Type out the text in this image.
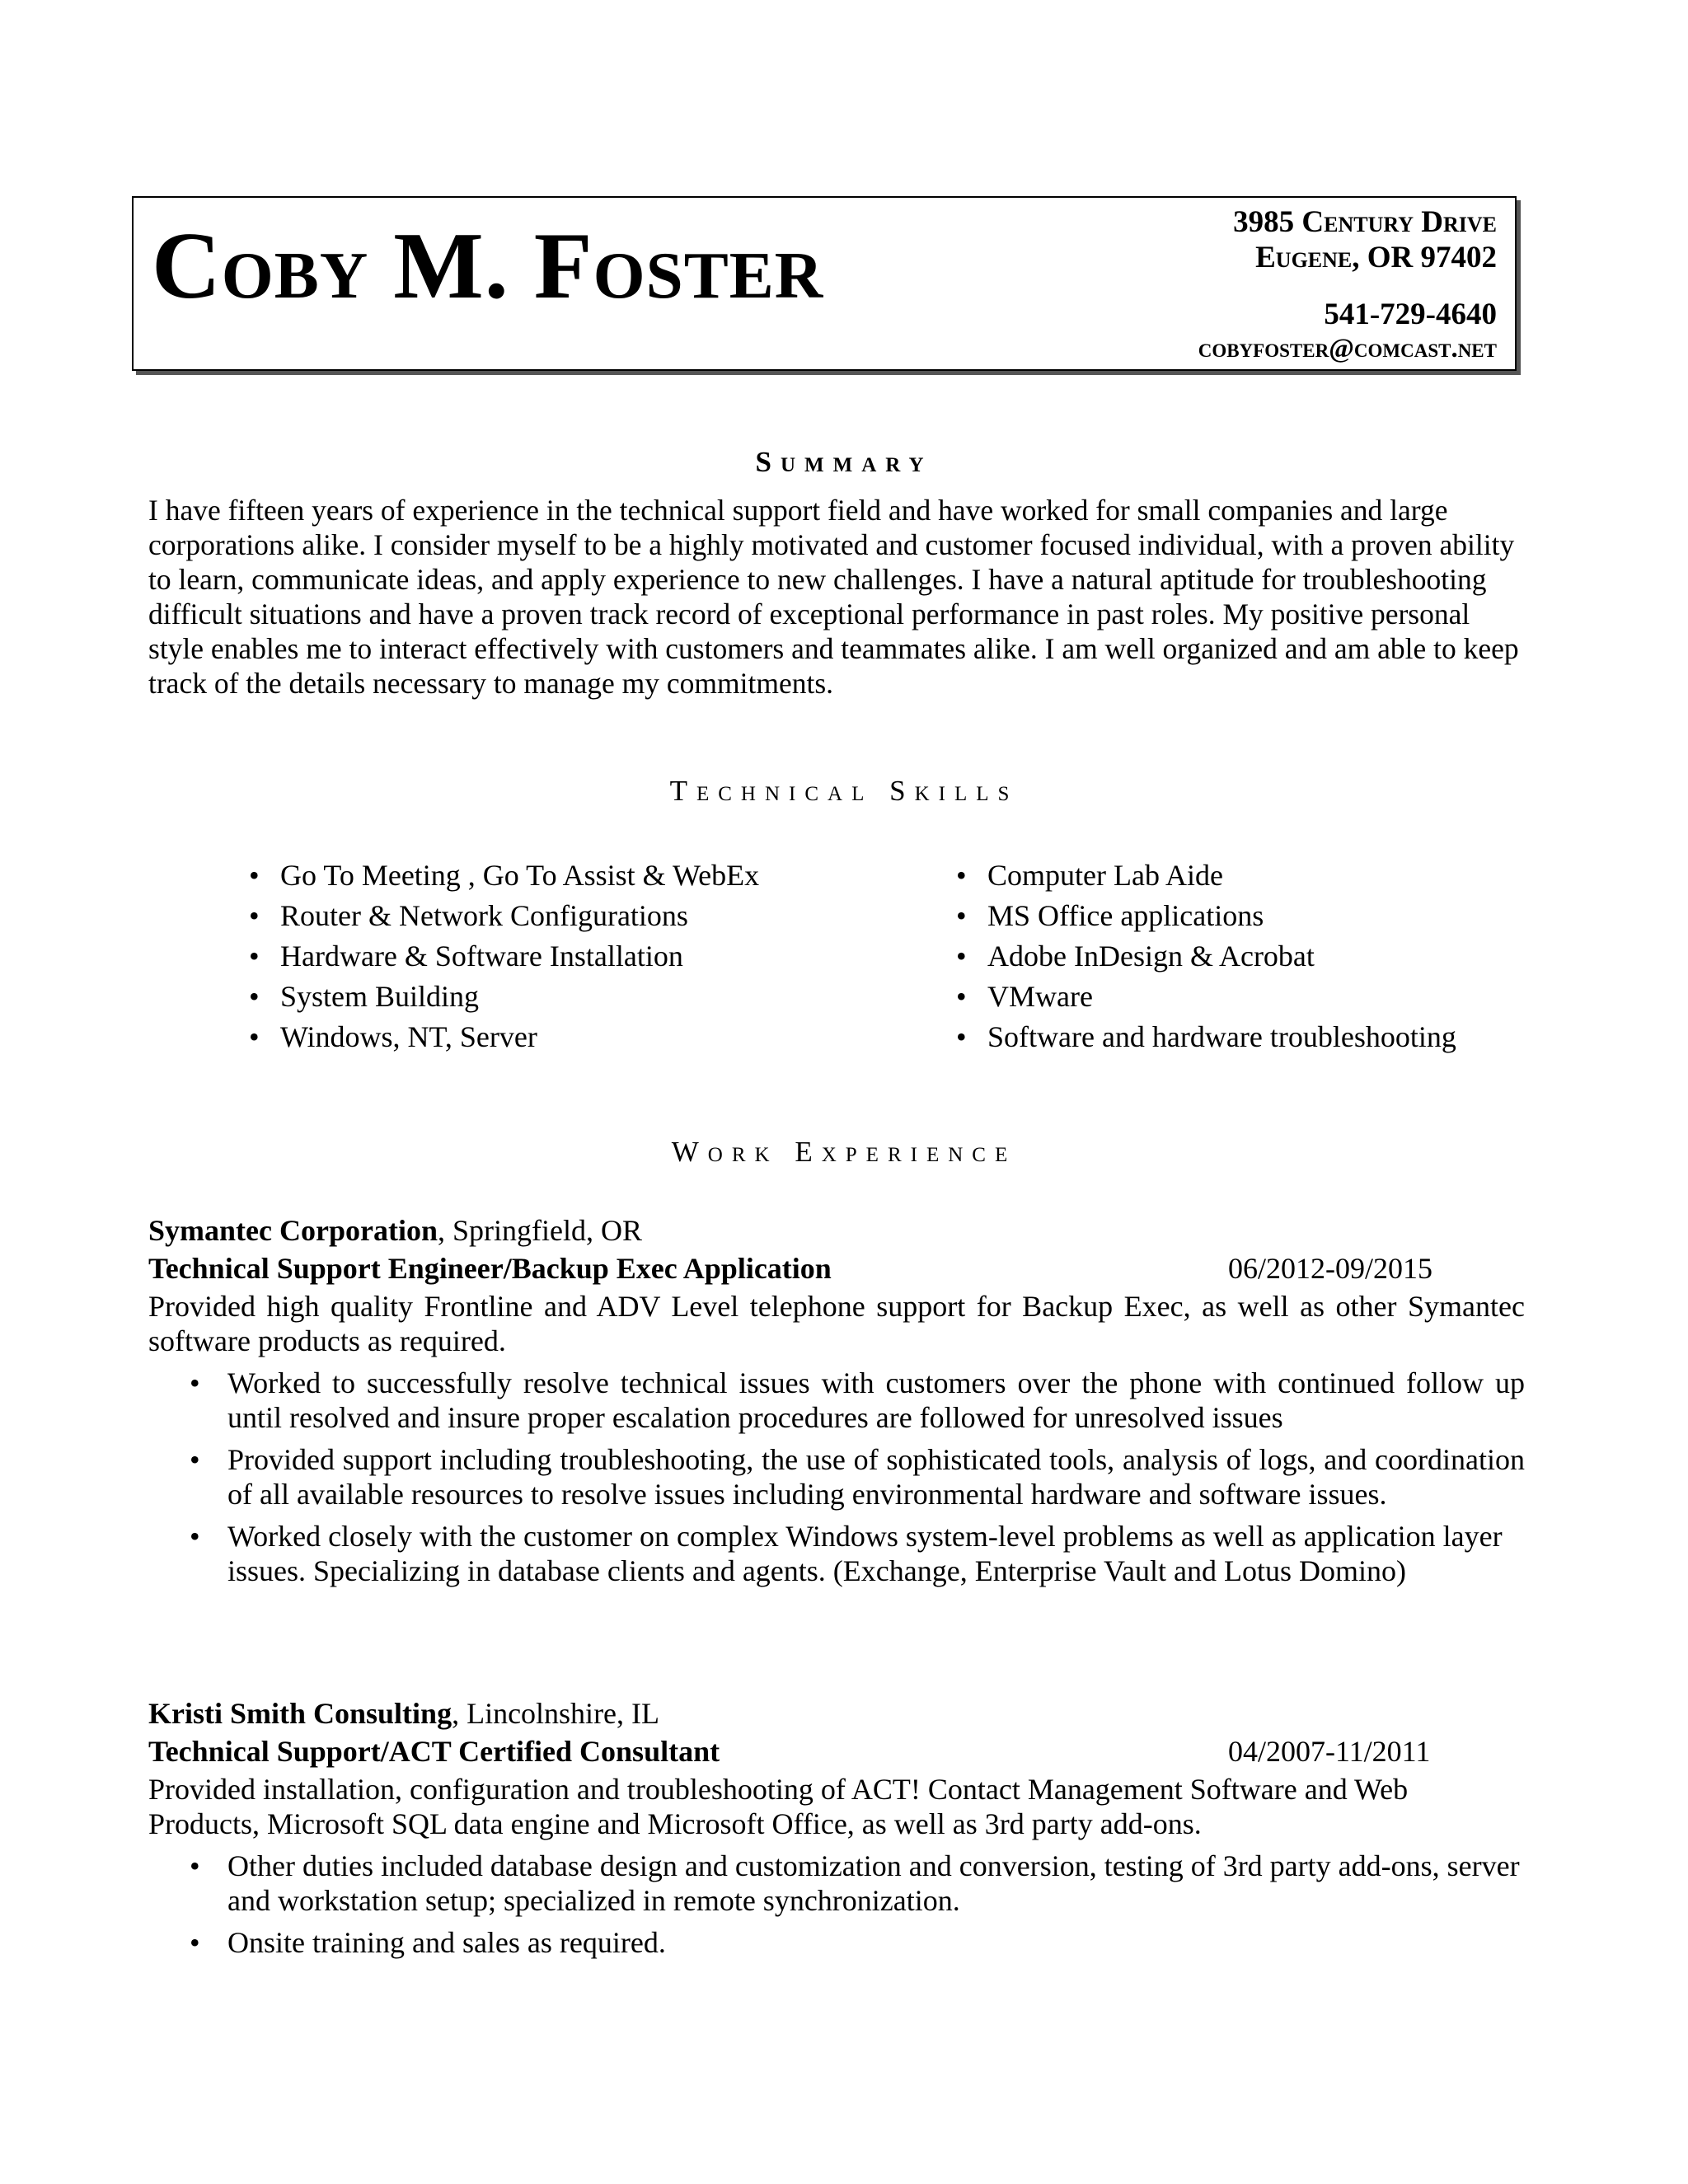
Coby M. Foster	3985 Century Drive
Eugene, OR 97402
541-729-4640
cobyfoster@comcast.net
Summary

I have fifteen years of experience in the technical support field and have worked for small companies and large corporations alike. I consider myself to be a highly motivated and customer focused individual, with a proven ability to learn, communicate ideas, and apply experience to new challenges. I have a natural aptitude for troubleshooting difficult situations and have a proven track record of exceptional performance in past roles. My positive personal style enables me to interact effectively with customers and teammates alike. I am well organized and am able to keep track of the details necessary to manage my commitments.

Technical Skills
• Go To Meeting , Go To Assist & WebEx
• Router & Network Configurations
• Hardware & Software Installation
• System Building
• Windows, NT, Server
• Computer Lab Aide
• MS Office applications
• Adobe InDesign & Acrobat
• VMware
• Software and hardware troubleshooting
Work Experience
Symantec Corporation, Springfield, OR
Technical Support Engineer/Backup Exec Application	06/2012-09/2015

Provided high quality Frontline and ADV Level telephone support for Backup Exec, as well as other Symantec software products as required.

• Worked to successfully resolve technical issues with customers over the phone with continued follow up until resolved and insure proper escalation procedures are followed for unresolved issues
• Provided support including troubleshooting, the use of sophisticated tools, analysis of logs, and coordination of all available resources to resolve issues including environmental hardware and software issues.
• Worked closely with the customer on complex Windows system-level problems as well as application layer issues. Specializing in database clients and agents. (Exchange, Enterprise Vault and Lotus Domino)
Kristi Smith Consulting, Lincolnshire, IL
Technical Support/ACT Certified Consultant	04/2007-11/2011

Provided installation, configuration and troubleshooting of ACT! Contact Management Software and Web Products, Microsoft SQL data engine and Microsoft Office, as well as 3rd party add-ons.

• Other duties included database design and customization and conversion, testing of 3rd party add-ons, server and workstation setup; specialized in remote synchronization.
• Onsite training and sales as required.
